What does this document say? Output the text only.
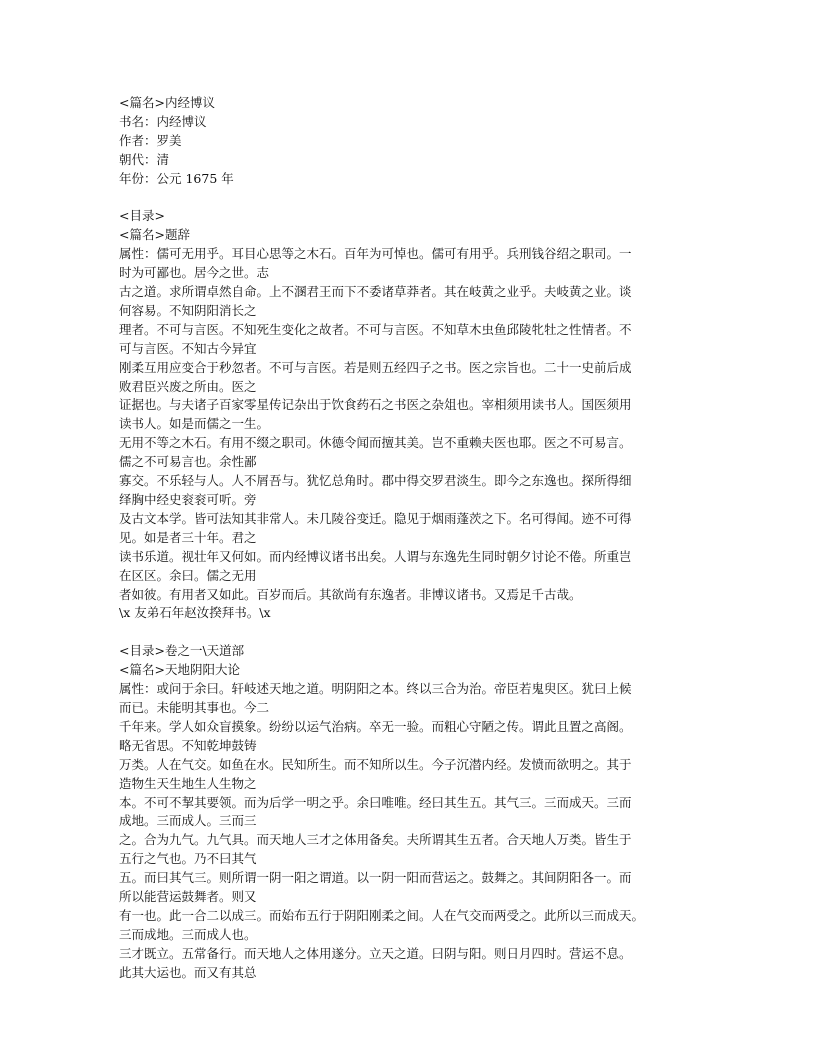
<篇名>内经博议
书名：内经博议
作者：罗美
朝代：清
年份：公元 1675 年
<目录>
<篇名>题辞
属性：儒可无用乎。耳目心思等之木石。百年为可悼也。儒可有用乎。兵刑钱谷绍之职司。一
时为可鄙也。居今之世。志
古之道。求所谓卓然自命。上不溷君王而下不委诸草莽者。其在岐黄之业乎。夫岐黄之业。谈
何容易。不知阴阳消长之
理者。不可与言医。不知死生变化之故者。不可与言医。不知草木虫鱼邱陵牝牡之性情者。不
可与言医。不知古今异宜
刚柔互用应变合于秒忽者。不可与言医。若是则五经四子之书。医之宗旨也。二十一史前后成
败君臣兴废之所由。医之
证据也。与夫诸子百家零星传记杂出于饮食药石之书医之杂俎也。宰相须用读书人。国医须用
读书人。如是而儒之一生。
无用不等之木石。有用不缀之职司。休德令闻而擅其美。岂不重赖夫医也耶。医之不可易言。
儒之不可易言也。余性鄙
寡交。不乐轻与人。人不屑吾与。犹忆总角时。郡中得交罗君淡生。即今之东逸也。探所得细
绎胸中经史衮衮可听。旁
及古文本学。皆可法知其非常人。未几陵谷变迁。隐见于烟雨蓬茨之下。名可得闻。迹不可得
见。如是者三十年。君之
读书乐道。视壮年又何如。而内经博议诸书出矣。人谓与东逸先生同时朝夕讨论不倦。所重岂
在区区。余曰。儒之无用
者如彼。有用者又如此。百岁而后。其欲尚有东逸者。非博议诸书。又焉足千古哉。
\x 友弟石年赵汝揆拜书。\x
<目录>卷之一\天道部
<篇名>天地阴阳大论
属性：或问于余曰。轩岐述天地之道。明阴阳之本。终以三合为治。帝臣若鬼臾区。犹曰上候
而已。未能明其事也。今二
千年来。学人如众盲摸象。纷纷以运气治病。卒无一验。而粗心守陋之传。谓此且置之高阁。
略无省思。不知乾坤鼓铸
万类。人在气交。如鱼在水。民知所生。而不知所以生。今子沉潜内经。发愤而欲明之。其于
造物生天生地生人生物之
本。不可不挈其要领。而为后学一明之乎。余曰唯唯。经曰其生五。其气三。三而成天。三而
成地。三而成人。三而三
之。合为九气。九气具。而天地人三才之体用备矣。夫所谓其生五者。合天地人万类。皆生于
五行之气也。乃不曰其气
五。而曰其气三。则所谓一阴一阳之谓道。以一阴一阳而营运之。鼓舞之。其间阴阳各一。而
所以能营运鼓舞者。则又
有一也。此一合二以成三。而始布五行于阴阳刚柔之间。人在气交而两受之。此所以三而成天。
三而成地。三而成人也。
三才既立。五常备行。而天地人之体用遂分。立天之道。曰阴与阳。则日月四时。营运不息。
此其大运也。而又有其总
